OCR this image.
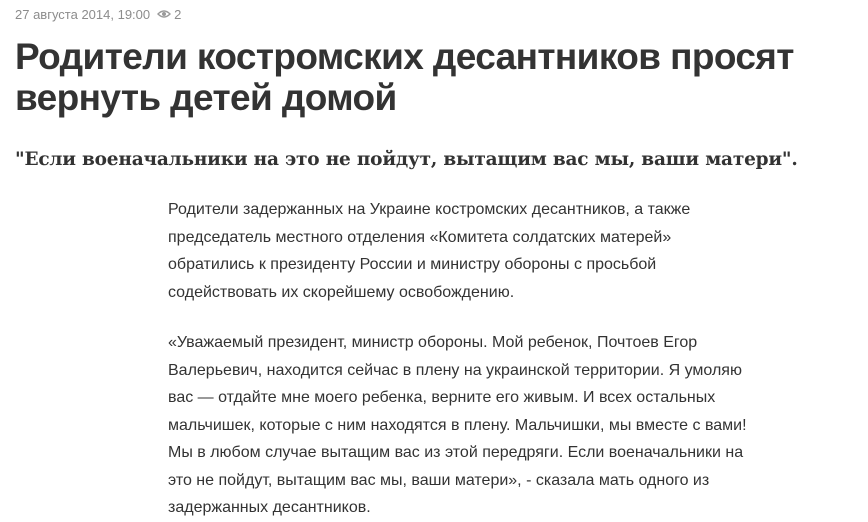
27 августа 2014, 19:00 2
Родители костромских десантников просят вернуть детей домой
"Если военачальники на это не пойдут, вытащим вас мы, ваши матери".

Родители задержанных на Украине костромских десантников, а также председатель местного отделения «Комитета солдатских матерей» обратились к президенту России и министру обороны с просьбой содействовать их скорейшему освобождению.

«Уважаемый президент, министр обороны. Мой ребенок, Почтоев Егор Валерьевич, находится сейчас в плену на украинской территории. Я умоляю вас — отдайте мне моего ребенка, верните его живым. И всех остальных мальчишек, которые с ним находятся в плену. Мальчишки, мы вместе с вами! Мы в любом случае вытащим вас из этой передряги. Если военачальники на это не пойдут, вытащим вас мы, ваши матери», - сказала мать одного из задержанных десантников.
